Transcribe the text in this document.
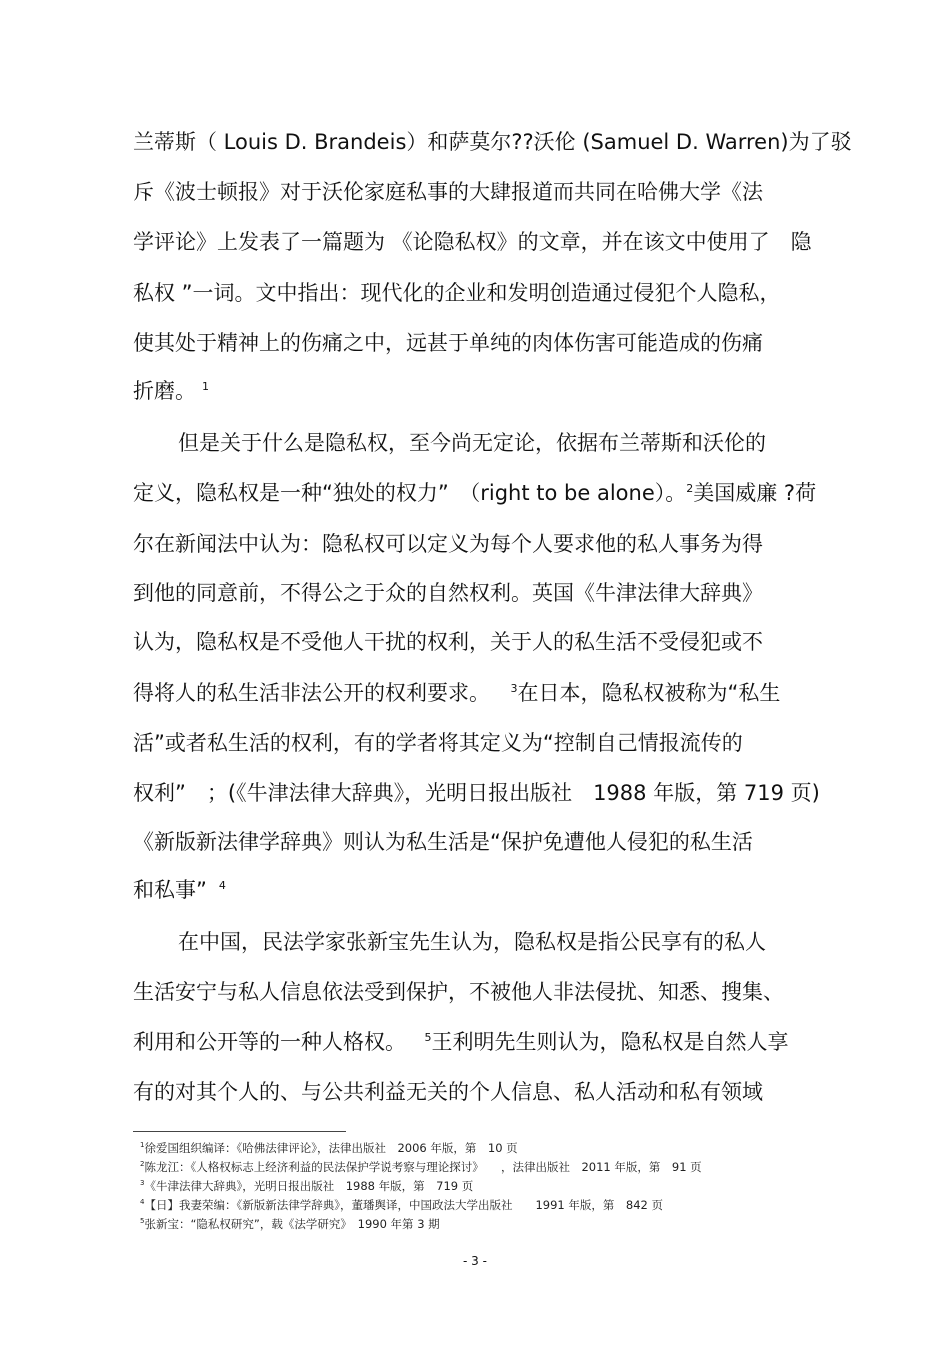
兰蒂斯（ Louis D. Brandeis）和萨莫尔??沃伦 (Samuel D. Warren)为了驳
斥《波士顿报》对于沃伦家庭私事的大肆报道而共同在哈佛大学《法
学评论》上发表了一篇题为 《论隐私权》的文章，并在该文中使用了　隐
私权 ”一词。文中指出：现代化的企业和发明创造通过侵犯个人隐私，
使其处于精神上的伤痛之中，远甚于单纯的肉体伤害可能造成的伤痛
折磨。 $^1$
但是关于什么是隐私权，至今尚无定论，依据布兰蒂斯和沃伦的
定义，隐私权是一种“独处的权力”　（right to be alone）。$^2$美国威廉 ?荷
尔在新闻法中认为：隐私权可以定义为每个人要求他的私人事务为得
到他的同意前，不得公之于众的自然权利。英国《牛津法律大辞典》
认为，隐私权是不受他人干扰的权利，关于人的私生活不受侵犯或不
得将人的私生活非法公开的权利要求。　$^3$在日本，隐私权被称为“私生
活”或者私生活的权利，有的学者将其定义为“控制自己情报流传的
权利”　；(《牛津法律大辞典》，光明日报出版社　1988 年版，第 719 页)
《新版新法律学辞典》则认为私生活是“保护免遭他人侵犯的私生活
和私事” $^4$
在中国，民法学家张新宝先生认为，隐私权是指公民享有的私人
生活安宁与私人信息依法受到保护，不被他人非法侵扰、知悉、搜集、
利用和公开等的一种人格权。　$^5$王利明先生则认为，隐私权是自然人享
有的对其个人的、与公共利益无关的个人信息、私人活动和私有领域
$^1$徐爱国组织编译：《哈佛法律评论》，法律出版社　2006 年版，第　10 页
$^2$陈龙江：《人格权标志上经济利益的民法保护学说考察与理论探讨》　　，法律出版社　2011 年版，第　91 页
$^3$《牛津法律大辞典》，光明日报出版社　1988 年版，第　719 页
$^4$【日】我妻荣编：《新版新法律学辞典》，董璠舆译，中国政法大学出版社　　1991 年版，第　842 页
$^5$张新宝：“隐私权研究”，载《法学研究》　1990 年第 3 期
- 3 -
